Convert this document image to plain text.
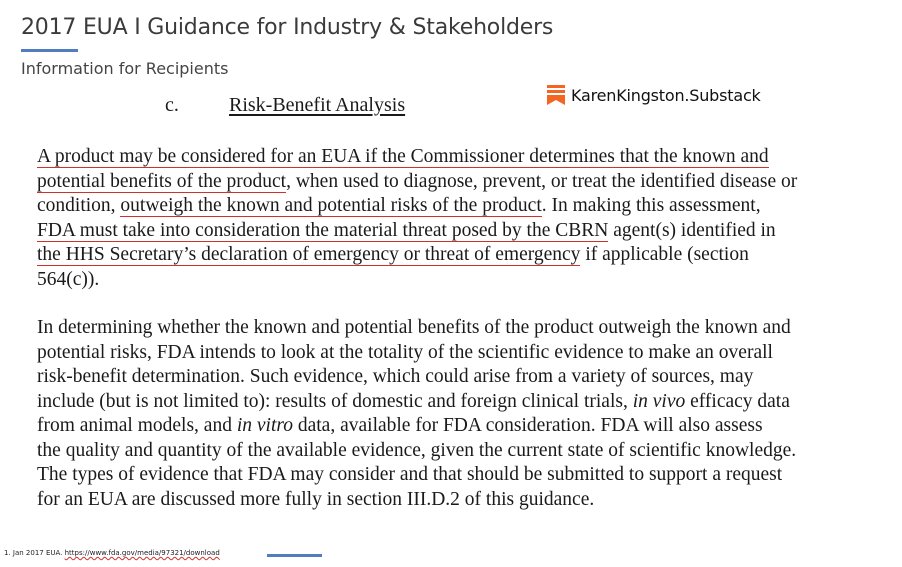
2017 EUA I Guidance for Industry & Stakeholders
Information for Recipients
KarenKingston.Substack
c.	Risk-Benefit Analysis
A product may be considered for an EUA if the Commissioner determines that the known and
potential benefits of the product, when used to diagnose, prevent, or treat the identified disease or
condition, outweigh the known and potential risks of the product. In making this assessment,
FDA must take into consideration the material threat posed by the CBRN agent(s) identified in
the HHS Secretary’s declaration of emergency or threat of emergency if applicable (section
564(c)).
In determining whether the known and potential benefits of the product outweigh the known and
potential risks, FDA intends to look at the totality of the scientific evidence to make an overall
risk-benefit determination. Such evidence, which could arise from a variety of sources, may
include (but is not limited to): results of domestic and foreign clinical trials, in vivo efficacy data
from animal models, and in vitro data, available for FDA consideration. FDA will also assess
the quality and quantity of the available evidence, given the current state of scientific knowledge.
The types of evidence that FDA may consider and that should be submitted to support a request
for an EUA are discussed more fully in section III.D.2 of this guidance.
1. Jan 2017 EUA. https://www.fda.gov/media/97321/download
